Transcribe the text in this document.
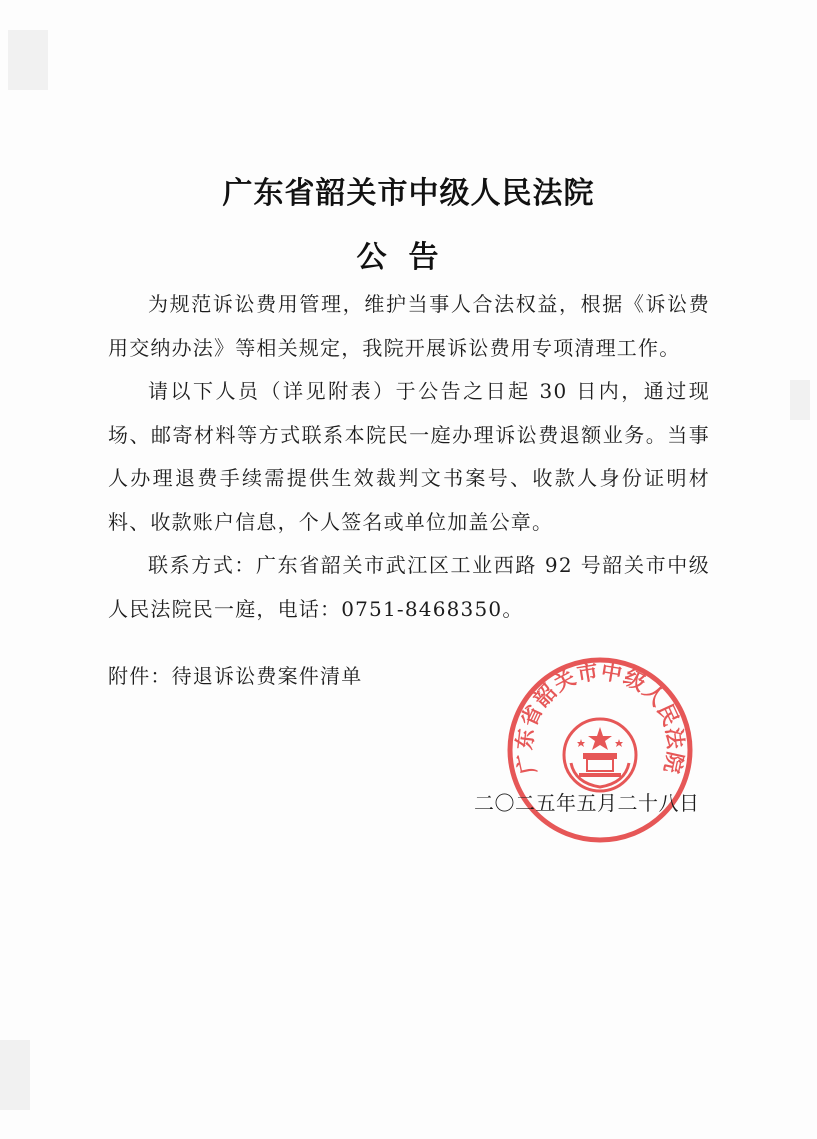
广东省韶关市中级人民法院
公告

为规范诉讼费用管理，维护当事人合法权益，根据《诉讼费用交纳办法》等相关规定，我院开展诉讼费用专项清理工作。

请以下人员（详见附表）于公告之日起 30 日内，通过现场、邮寄材料等方式联系本院民一庭办理诉讼费退额业务。当事人办理退费手续需提供生效裁判文书案号、收款人身份证明材料、收款账户信息，个人签名或单位加盖公章。

联系方式：广东省韶关市武江区工业西路 92 号韶关市中级人民法院民一庭，电话：0751-8468350。

附件：待退诉讼费案件清单
广东省韶关市中级人民法院
二〇二五年五月二十八日
